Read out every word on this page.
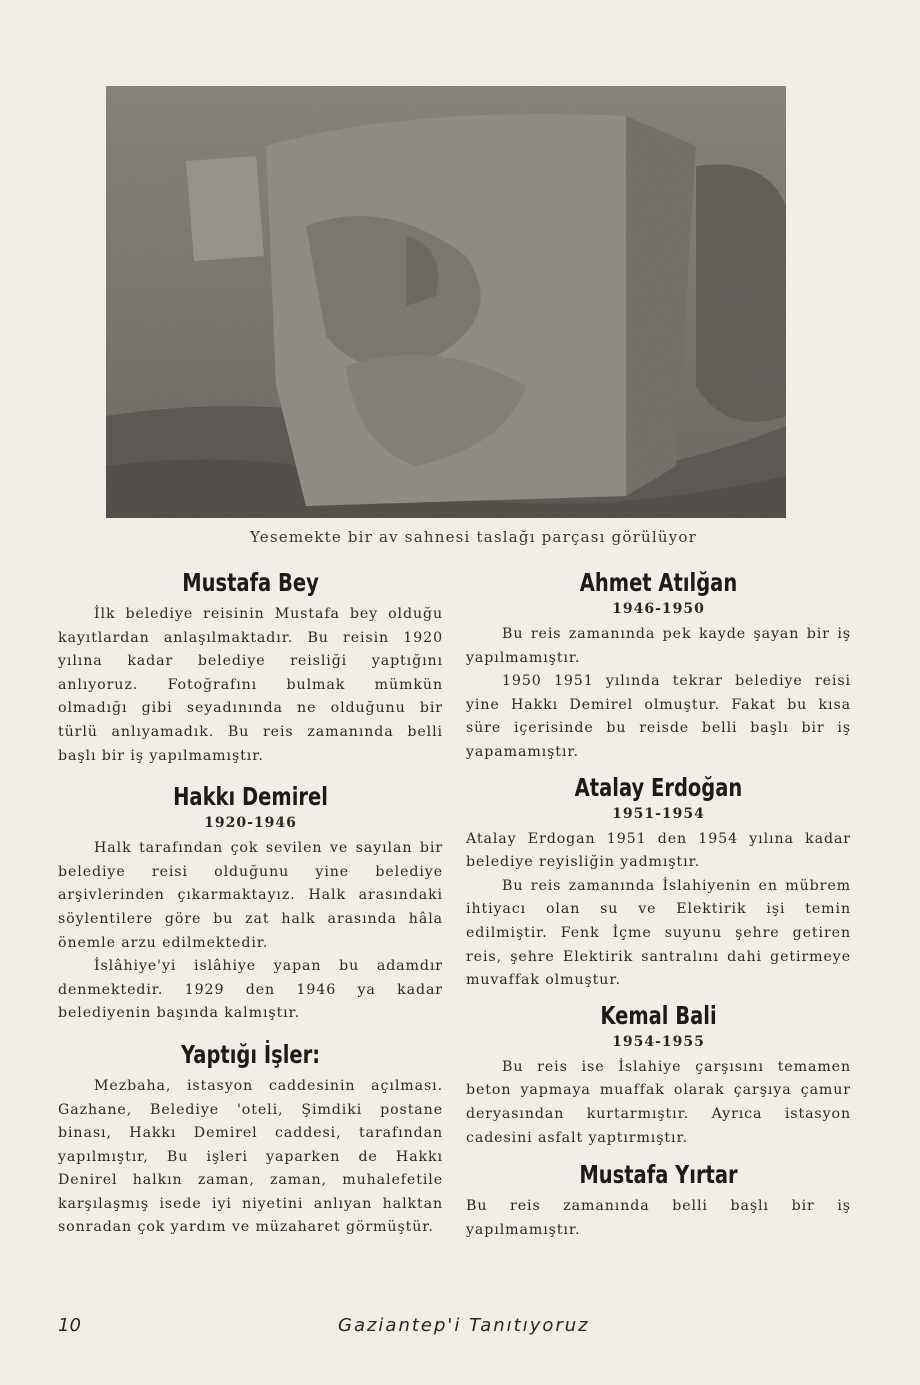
Yesemekte bir av sahnesi taslağı parçası görülüyor
Mustafa Bey

İlk belediye reisinin Mustafa bey olduğu kayıtlardan anlaşılmaktadır. Bu reisin 1920 yılına kadar belediye reisliği yaptığını anlıyoruz. Fotoğrafını bulmak mümkün olmadığı gibi seyadınında ne olduğunu bir türlü anlıyamadık. Bu reis zamanında belli başlı bir iş yapılmamıştır.

Hakkı Demirel
1920-1946

Halk tarafından çok sevilen ve sayılan bir belediye reisi olduğunu yine belediye arşivlerinden çıkarmaktayız. Halk arasındaki söylentilere göre bu zat halk arasında hâla önemle arzu edilmektedir.

İslâhiye'yi islâhiye yapan bu adamdır denmektedir. 1929 den 1946 ya kadar belediyenin başında kalmıştır.

Yaptığı İşler:

Mezbaha, istasyon caddesinin açılması. Gazhane, Belediye 'oteli, Şimdiki postane binası, Hakkı Demirel caddesi, tarafından yapılmıştır, Bu işleri yaparken de Hakkı Denirel halkın zaman, zaman, muhalefetile karşılaşmış isede iyi niyetini anlıyan halktan sonradan çok yardım ve müzaharet görmüştür.

Ahmet Atılğan
1946-1950

Bu reis zamanında pek kayde şayan bir iş yapılmamıştır.

1950 1951 yılında tekrar belediye reisi yine Hakkı Demirel olmuştur. Fakat bu kısa süre içerisinde bu reisde belli başlı bir iş yapamamıştır.

Atalay Erdoğan
1951-1954

Atalay Erdogan 1951 den 1954 yılına kadar belediye reyisliğin yadmıştır.

Bu reis zamanında İslahiyenin en mübrem ihtiyacı olan su ve Elektirik işi temin edilmiştir. Fenk İçme suyunu şehre getiren reis, şehre Elektirik santralını dahi getirmeye muvaffak olmuştur.

Kemal Bali
1954-1955

Bu reis ise İslahiye çarşısını temamen beton yapmaya muaffak olarak çarşıya çamur deryasından kurtarmıştır. Ayrıca istasyon cadesini asfalt yaptırmıştır.

Mustafa Yırtar

Bu reis zamanında belli başlı bir iş yapılmamıştır.

10	Gaziantep'i Tanıtıyoruz
